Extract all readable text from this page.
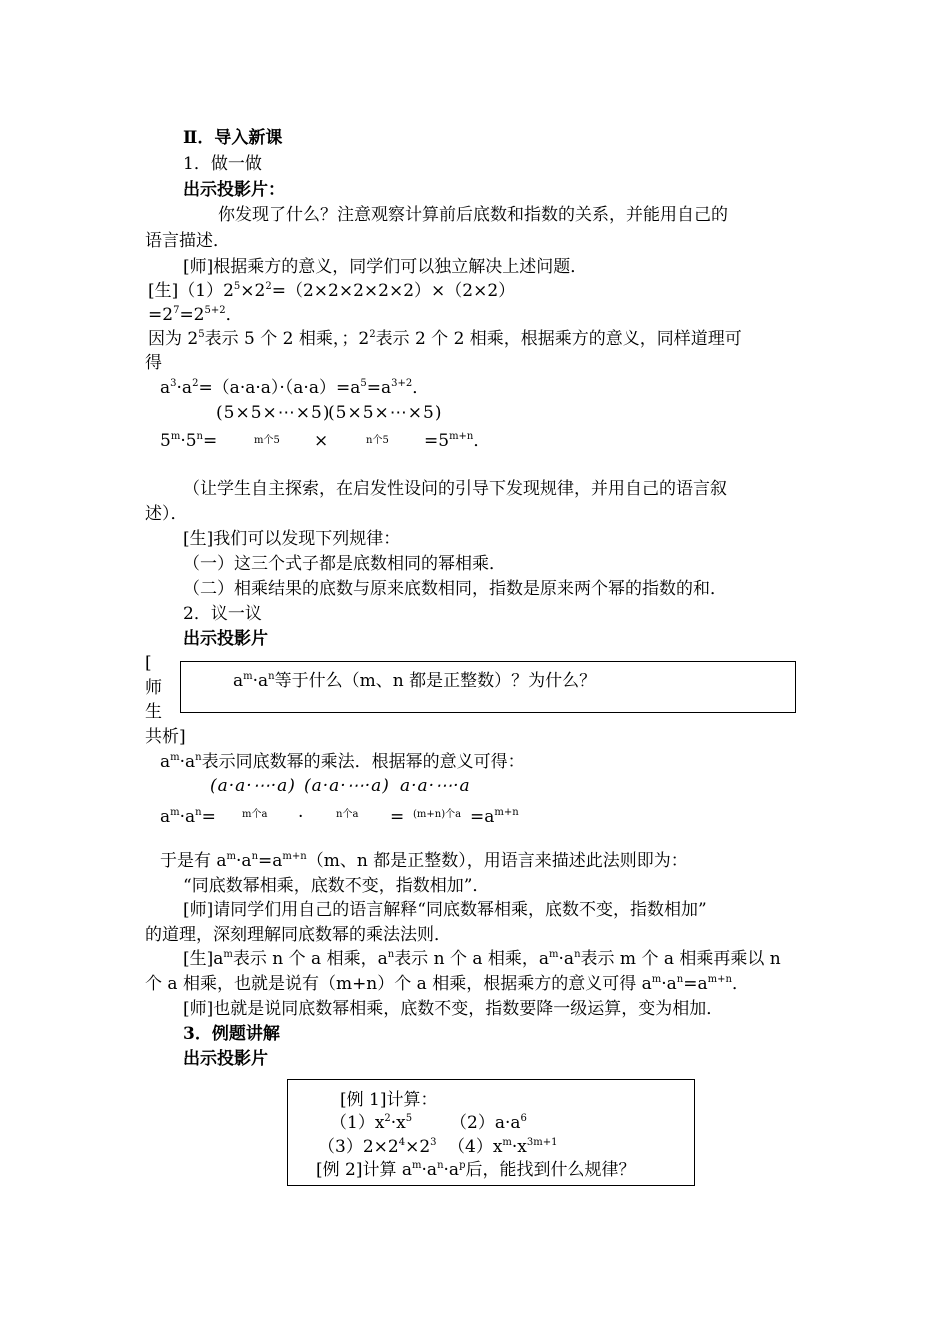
Ⅱ．导入新课
1．做一做
出示投影片：
你发现了什么？注意观察计算前后底数和指数的关系，并能用自己的
语言描述．
[师]根据乘方的意义，同学们可以独立解决上述问题．
[生]$(1)2^5\times 2^2=(2\times 2\times 2\times 2\times 2)\times(2\times 2)$
$=2^7=2^{5+2}$．
因为 $2^5$表示 5 个 2 相乘，；$2^2$表示 2 个 2 相乘，根据乘方的意义，同样道理可
得
$a^3\cdot a^2=(a\cdot a\cdot a)\cdot(a\cdot a)=a^5=a^{3+2}$．
(5×5×⋯×5)
(5×5×⋯×5)
$5^m\cdot 5^n=$	m个5 ×	n个$5 =5^{m+n}$．
（让学生自主探索，在启发性设问的引导下发现规律，并用自己的语言叙
述）．
[生]我们可以发现下列规律：
（一）这三个式子都是底数相同的幂相乘．
（二）相乘结果的底数与原来底数相同，指数是原来两个幂的指数的和．
2．议一议
出示投影片
[
师
生
共析]
$a^m\cdot a^n$等于什么（m、n 都是正整数）？为什么？
$a^m\cdot a^n$表示同底数幂的乘法．根据幂的意义可得：
(a·a·⋯·a) (a·a·⋯·a) a·a·⋯·a
$a^m\cdot a^n=$	m个a ·	n个a = (m+n)个$a =a^{m+n}$
于是有 $a^m\cdot a^n=a^{m+n}(m$、n 都是正整数），用语言来描述此法则即为：
“同底数幂相乘，底数不变，指数相加”．
[师]请同学们用自己的语言解释“同底数幂相乘，底数不变，指数相加”
的道理，深刻理解同底数幂的乘法法则．
[生]$a^m$表示 n 个 a 相乘，$a^n$表示 n 个 a 相乘，$a^m\cdot a^n$表示 m 个 a 相乘再乘以 n
个 a 相乘，也就是说有（m+n）个 a 相乘，根据乘方的意义可得 $a^m\cdot a^n=a^{m+n}$．
[师]也就是说同底数幂相乘，底数不变，指数要降一级运算，变为相加．
3．例题讲解
出示投影片
[例 1]计算：
$(1)x^2\cdot x^5$ $(2)a\cdot a^6$
$(3)2\times 2^4\times 2^3$ $(4)x^m\cdot x^{3m+1}$
[例 2]计算 $a^m\cdot a^n\cdot a^p$后，能找到什么规律？
